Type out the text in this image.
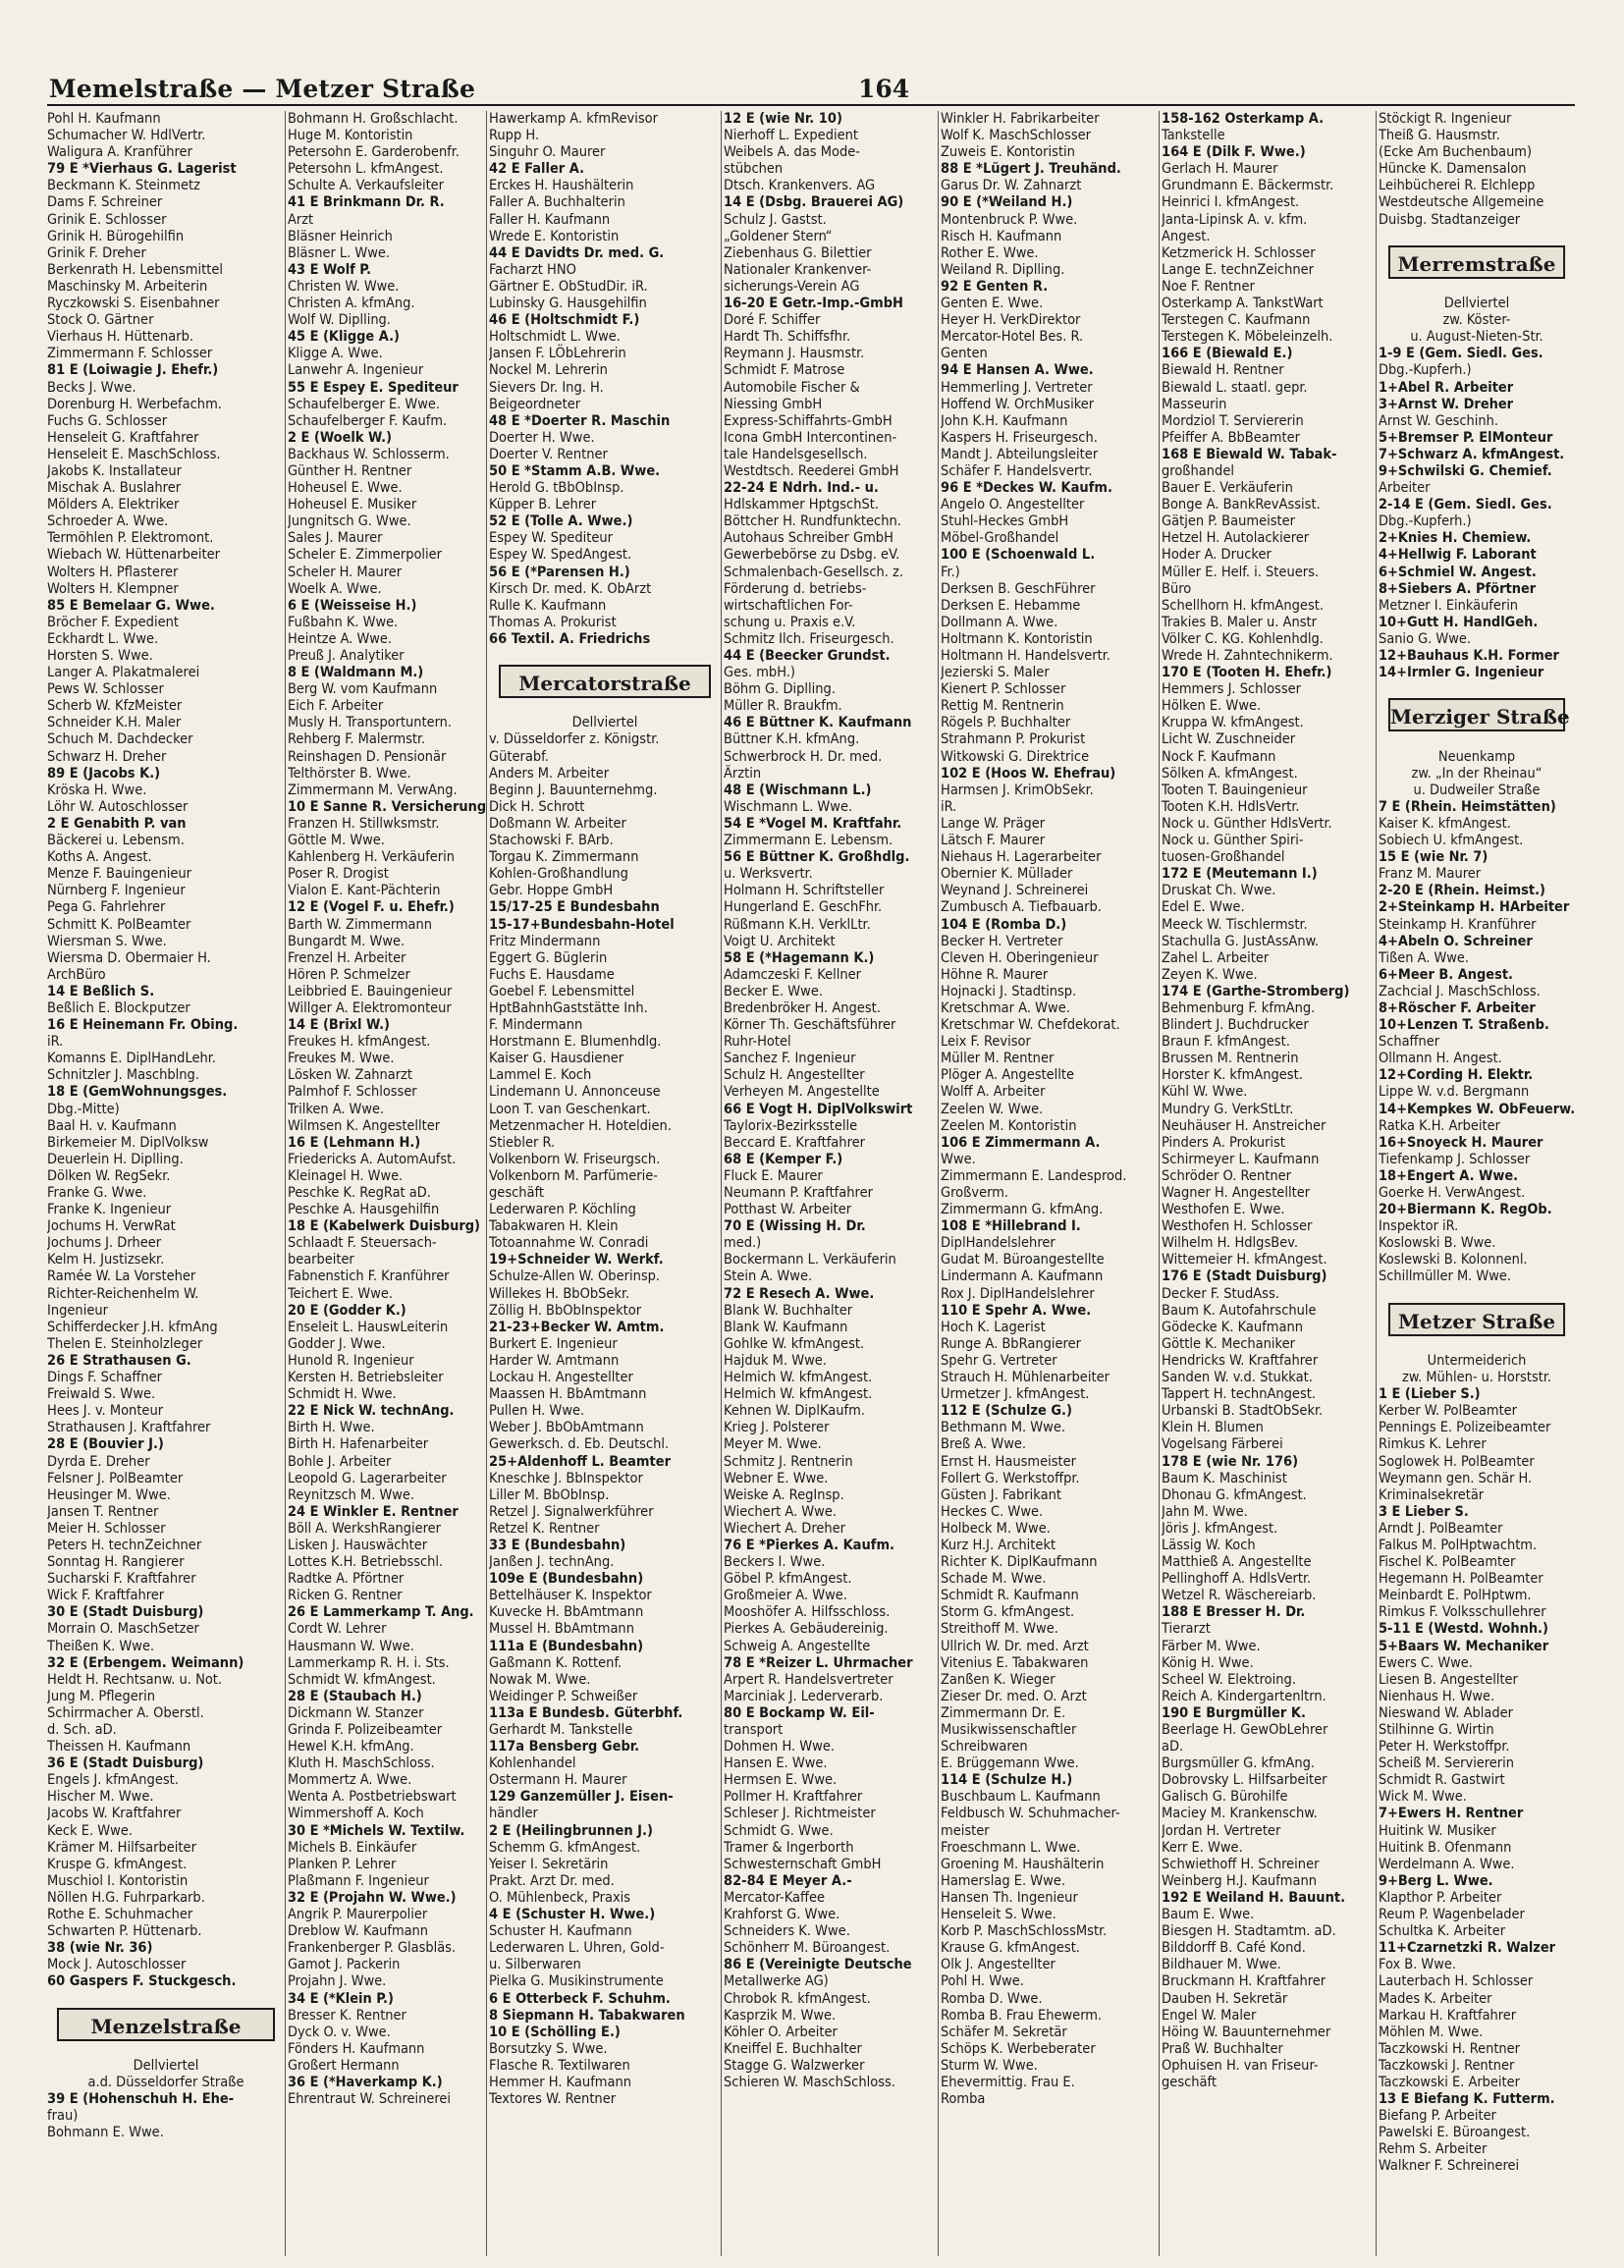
Memelstraße — Metzer Straße	164
Pohl H. Kaufmann
Schumacher W. HdlVertr.
Waligura A. Kranführer
79 E *Vierhaus G. Lagerist
Beckmann K. Steinmetz
Dams F. Schreiner
Grinik E. Schlosser
Grinik H. Bürogehilfin
Grinik F. Dreher
Berkenrath H. Lebensmittel
Maschinsky M. Arbeiterin
Ryczkowski S. Eisenbahner
Stock O. Gärtner
Vierhaus H. Hüttenarb.
Zimmermann F. Schlosser
81 E (Loiwagie J. Ehefr.)
Becks J. Wwe.
Dorenburg H. Werbefachm.
Fuchs G. Schlosser
Henseleit G. Kraftfahrer
Henseleit E. MaschSchloss.
Jakobs K. Installateur
Mischak A. Buslahrer
Mölders A. Elektriker
Schroeder A. Wwe.
Termöhlen P. Elektromont.
Wiebach W. Hüttenarbeiter
Wolters H. Pflasterer
Wolters H. Klempner
85 E Bemelaar G. Wwe.
Bröcher F. Expedient
Eckhardt L. Wwe.
Horsten S. Wwe.
Langer A. Plakatmalerei
Pews W. Schlosser
Scherb W. KfzMeister
Schneider K.H. Maler
Schuch M. Dachdecker
Schwarz H. Dreher
89 E (Jacobs K.)
Kröska H. Wwe.
Löhr W. Autoschlosser
2 E Genabith P. van
Bäckerei u. Lebensm.
Koths A. Angest.
Menze F. Bauingenieur
Nürnberg F. Ingenieur
Pega G. Fahrlehrer
Schmitt K. PolBeamter
Wiersman S. Wwe.
Wiersma D. Obermaier H.
ArchBüro
14 E Beßlich S.
Beßlich E. Blockputzer
16 E Heinemann Fr. Obing.
iR.
Komanns E. DiplHandLehr.
Schnitzler J. Maschblng.
18 E (GemWohnungsges.
Dbg.-Mitte)
Baal H. v. Kaufmann
Birkemeier M. DiplVolksw
Deuerlein H. Diplling.
Dölken W. RegSekr.
Franke G. Wwe.
Franke K. Ingenieur
Jochums H. VerwRat
Jochums J. Drheer
Kelm H. Justizsekr.
Ramée W. La Vorsteher
Richter-Reichenhelm W.
Ingenieur
Schifferdecker J.H. kfmAng
Thelen E. Steinholzleger
26 E Strathausen G.
Dings F. Schaffner
Freiwald S. Wwe.
Hees J. v. Monteur
Strathausen J. Kraftfahrer
28 E (Bouvier J.)
Dyrda E. Dreher
Felsner J. PolBeamter
Heusinger M. Wwe.
Jansen T. Rentner
Meier H. Schlosser
Peters H. technZeichner
Sonntag H. Rangierer
Sucharski F. Kraftfahrer
Wick F. Kraftfahrer
30 E (Stadt Duisburg)
Morrain O. MaschSetzer
Theißen K. Wwe.
32 E (Erbengem. Weimann)
Heldt H. Rechtsanw. u. Not.
Jung M. Pflegerin
Schirrmacher A. Oberstl.
d. Sch. aD.
Theissen H. Kaufmann
36 E (Stadt Duisburg)
Engels J. kfmAngest.
Hischer M. Wwe.
Jacobs W. Kraftfahrer
Keck E. Wwe.
Krämer M. Hilfsarbeiter
Kruspe G. kfmAngest.
Muschiol I. Kontoristin
Nöllen H.G. Fuhrparkarb.
Rothe E. Schuhmacher
Schwarten P. Hüttenarb.
38 (wie Nr. 36)
Mock J. Autoschlosser
60 Gaspers F. Stuckgesch.
Menzelstraße
Dellviertel
a.d. Düsseldorfer Straße
39 E (Hohenschuh H. Ehe-
frau)
Bohmann E. Wwe.
Bohmann H. Großschlacht.
Huge M. Kontoristin
Petersohn E. Garderobenfr.
Petersohn L. kfmAngest.
Schulte A. Verkaufsleiter
41 E Brinkmann Dr. R.
Arzt
Bläsner Heinrich
Bläsner L. Wwe.
43 E Wolf P.
Christen W. Wwe.
Christen A. kfmAng.
Wolf W. Diplling.
45 E (Kligge A.)
Kligge A. Wwe.
Lanwehr A. Ingenieur
55 E Espey E. Spediteur
Schaufelberger E. Wwe.
Schaufelberger F. Kaufm.
2 E (Woelk W.)
Backhaus W. Schlosserm.
Günther H. Rentner
Hoheusel E. Wwe.
Hoheusel E. Musiker
Jungnitsch G. Wwe.
Sales J. Maurer
Scheler E. Zimmerpolier
Scheler H. Maurer
Woelk A. Wwe.
6 E (Weisseise H.)
Fußbahn K. Wwe.
Heintze A. Wwe.
Preuß J. Analytiker
8 E (Waldmann M.)
Berg W. vom Kaufmann
Eich F. Arbeiter
Musly H. Transportuntern.
Rehberg F. Malermstr.
Reinshagen D. Pensionär
Telthörster B. Wwe.
Zimmermann M. VerwAng.
10 E Sanne R. Versicherung
Franzen H. Stillwksmstr.
Göttle M. Wwe.
Kahlenberg H. Verkäuferin
Poser R. Drogist
Vialon E. Kant-Pächterin
12 E (Vogel F. u. Ehefr.)
Barth W. Zimmermann
Bungardt M. Wwe.
Frenzel H. Arbeiter
Hören P. Schmelzer
Leibbried E. Bauingenieur
Willger A. Elektromonteur
14 E (Brixl W.)
Freukes H. kfmAngest.
Freukes M. Wwe.
Lösken W. Zahnarzt
Palmhof F. Schlosser
Trilken A. Wwe.
Wilmsen K. Angestellter
16 E (Lehmann H.)
Friedericks A. AutomAufst.
Kleinagel H. Wwe.
Peschke K. RegRat aD.
Peschke A. Hausgehilfin
18 E (Kabelwerk Duisburg)
Schlaadt F. Steuersach-
bearbeiter
Fabnenstich F. Kranführer
Teichert E. Wwe.
20 E (Godder K.)
Enseleit L. HauswLeiterin
Godder J. Wwe.
Hunold R. Ingenieur
Kersten H. Betriebsleiter
Schmidt H. Wwe.
22 E Nick W. technAng.
Birth H. Wwe.
Birth H. Hafenarbeiter
Bohle J. Arbeiter
Leopold G. Lagerarbeiter
Reynitzsch M. Wwe.
24 E Winkler E. Rentner
Böll A. WerkshRangierer
Lisken J. Hauswächter
Lottes K.H. Betriebsschl.
Radtke A. Pförtner
Ricken G. Rentner
26 E Lammerkamp T. Ang.
Cordt W. Lehrer
Hausmann W. Wwe.
Lammerkamp R. H. i. Sts.
Schmidt W. kfmAngest.
28 E (Staubach H.)
Dickmann W. Stanzer
Grinda F. Polizeibeamter
Hewel K.H. kfmAng.
Kluth H. MaschSchloss.
Mommertz A. Wwe.
Wenta A. Postbetriebswart
Wimmershoff A. Koch
30 E *Michels W. Textilw.
Michels B. Einkäufer
Planken P. Lehrer
Plaßmann F. Ingenieur
32 E (Projahn W. Wwe.)
Angrik P. Maurerpolier
Dreblow W. Kaufmann
Frankenberger P. Glasbläs.
Gamot J. Packerin
Projahn J. Wwe.
34 E (*Klein P.)
Bresser K. Rentner
Dyck O. v. Wwe.
Fönders H. Kaufmann
Großert Hermann
36 E (*Haverkamp K.)
Ehrentraut W. Schreinerei
Hawerkamp A. kfmRevisor
Rupp H.
Singuhr O. Maurer
42 E Faller A.
Erckes H. Haushälterin
Faller A. Buchhalterin
Faller H. Kaufmann
Wrede E. Kontoristin
44 E Davidts Dr. med. G.
Facharzt HNO
Gärtner E. ObStudDir. iR.
Lubinsky G. Hausgehilfin
46 E (Holtschmidt F.)
Holtschmidt L. Wwe.
Jansen F. LÖbLehrerin
Nockel M. Lehrerin
Sievers Dr. Ing. H.
Beigeordneter
48 E *Doerter R. Maschin
Doerter H. Wwe.
Doerter V. Rentner
50 E *Stamm A.B. Wwe.
Herold G. tBbObInsp.
Küpper B. Lehrer
52 E (Tolle A. Wwe.)
Espey W. Spediteur
Espey W. SpedAngest.
56 E (*Parensen H.)
Kirsch Dr. med. K. ObArzt
Rulle K. Kaufmann
Thomas A. Prokurist
66 Textil. A. Friedrichs
Mercatorstraße
Dellviertel
v. Düsseldorfer z. Königstr.
Güterabf.
Anders M. Arbeiter
Beginn J. Bauunternehmg.
Dick H. Schrott
Doßmann W. Arbeiter
Stachowski F. BArb.
Torgau K. Zimmermann
Kohlen-Großhandlung
Gebr. Hoppe GmbH
15/17-25 E Bundesbahn
15-17+Bundesbahn-Hotel
Fritz Mindermann
Eggert G. Büglerin
Fuchs E. Hausdame
Goebel F. Lebensmittel
HptBahnhGaststätte Inh.
F. Mindermann
Horstmann E. Blumenhdlg.
Kaiser G. Hausdiener
Lammel E. Koch
Lindemann U. Annonceuse
Loon T. van Geschenkart.
Metzenmacher H. Hoteldien.
Stiebler R.
Volkenborn W. Friseurgsch.
Volkenborn M. Parfümerie-
geschäft
Lederwaren P. Köchling
Tabakwaren H. Klein
Totoannahme W. Conradi
19+Schneider W. Werkf.
Schulze-Allen W. Oberinsp.
Willekes H. BbObSekr.
Zöllig H. BbObInspektor
21-23+Becker W. Amtm.
Burkert E. Ingenieur
Harder W. Amtmann
Lockau H. Angestellter
Maassen H. BbAmtmann
Pullen H. Wwe.
Weber J. BbObAmtmann
Gewerksch. d. Eb. Deutschl.
25+Aldenhoff L. Beamter
Kneschke J. BbInspektor
Liller M. BbObInsp.
Retzel J. Signalwerkführer
Retzel K. Rentner
33 E (Bundesbahn)
Janßen J. technAng.
109e E (Bundesbahn)
Bettelhäuser K. Inspektor
Kuvecke H. BbAmtmann
Mussel H. BbAmtmann
111a E (Bundesbahn)
Gaßmann K. Rottenf.
Nowak M. Wwe.
Weidinger P. Schweißer
113a E Bundesb. Güterbhf.
Gerhardt M. Tankstelle
117a Bensberg Gebr.
Kohlenhandel
Ostermann H. Maurer
129 Ganzemüller J. Eisen-
händler
2 E (Heilingbrunnen J.)
Schemm G. kfmAngest.
Yeiser I. Sekretärin
Prakt. Arzt Dr. med.
O. Mühlenbeck, Praxis
4 E (Schuster H. Wwe.)
Schuster H. Kaufmann
Lederwaren L. Uhren, Gold-
u. Silberwaren
Pielka G. Musikinstrumente
6 E Otterbeck F. Schuhm.
8 Siepmann H. Tabakwaren
10 E (Schölling E.)
Borsutzky S. Wwe.
Flasche R. Textilwaren
Hemmer H. Kaufmann
Textores W. Rentner
12 E (wie Nr. 10)
Nierhoff L. Expedient
Weibels A. das Mode-
stübchen
Dtsch. Krankenvers. AG
14 E (Dsbg. Brauerei AG)
Schulz J. Gastst.
„Goldener Stern“
Ziebenhaus G. Bilettier
Nationaler Krankenver-
sicherungs-Verein AG
16-20 E Getr.-Imp.-GmbH
Doré F. Schiffer
Hardt Th. Schiffsfhr.
Reymann J. Hausmstr.
Schmidt F. Matrose
Automobile Fischer &
Niessing GmbH
Express-Schiffahrts-GmbH
Icona GmbH Intercontinen-
tale Handelsgesellsch.
Westdtsch. Reederei GmbH
22-24 E Ndrh. Ind.- u.
Hdlskammer HptgschSt.
Böttcher H. Rundfunktechn.
Autohaus Schreiber GmbH
Gewerbebörse zu Dsbg. eV.
Schmalenbach-Gesellsch. z.
Förderung d. betriebs-
wirtschaftlichen For-
schung u. Praxis e.V.
Schmitz Ilch. Friseurgesch.
44 E (Beecker Grundst.
Ges. mbH.)
Böhm G. Diplling.
Müller R. Braukfm.
46 E Büttner K. Kaufmann
Büttner K.H. kfmAng.
Schwerbrock H. Dr. med.
Ärztin
48 E (Wischmann L.)
Wischmann L. Wwe.
54 E *Vogel M. Kraftfahr.
Zimmermann E. Lebensm.
56 E Büttner K. Großhdlg.
u. Werksvertr.
Holmann H. Schriftsteller
Hungerland E. GeschFhr.
Rüßmann K.H. VerklLtr.
Voigt U. Architekt
58 E (*Hagemann K.)
Adamczeski F. Kellner
Becker E. Wwe.
Bredenbröker H. Angest.
Körner Th. Geschäftsführer
Ruhr-Hotel
Sanchez F. Ingenieur
Schulz H. Angestellter
Verheyen M. Angestellte
66 E Vogt H. DiplVolkswirt
Taylorix-Bezirksstelle
Beccard E. Kraftfahrer
68 E (Kemper F.)
Fluck E. Maurer
Neumann P. Kraftfahrer
Potthast W. Arbeiter
70 E (Wissing H. Dr.
med.)
Bockermann L. Verkäuferin
Stein A. Wwe.
72 E Resech A. Wwe.
Blank W. Buchhalter
Blank W. Kaufmann
Gohlke W. kfmAngest.
Hajduk M. Wwe.
Helmich W. kfmAngest.
Helmich W. kfmAngest.
Kehnen W. DiplKaufm.
Krieg J. Polsterer
Meyer M. Wwe.
Schmitz J. Rentnerin
Webner E. Wwe.
Weiske A. RegInsp.
Wiechert A. Wwe.
Wiechert A. Dreher
76 E *Pierkes A. Kaufm.
Beckers I. Wwe.
Göbel P. kfmAngest.
Großmeier A. Wwe.
Mooshöfer A. Hilfsschloss.
Pierkes A. Gebäudereinig.
Schweig A. Angestellte
78 E *Reizer L. Uhrmacher
Arpert R. Handelsvertreter
Marciniak J. Lederverarb.
80 E Bockamp W. Eil-
transport
Dohmen H. Wwe.
Hansen E. Wwe.
Hermsen E. Wwe.
Pollmer H. Kraftfahrer
Schleser J. Richtmeister
Schmidt G. Wwe.
Tramer & Ingerborth
Schwesternschaft GmbH
82-84 E Meyer A.-
Mercator-Kaffee
Krahforst G. Wwe.
Schneiders K. Wwe.
Schönherr M. Büroangest.
86 E (Vereinigte Deutsche
Metallwerke AG)
Chrobok R. kfmAngest.
Kasprzik M. Wwe.
Köhler O. Arbeiter
Kneiffel E. Buchhalter
Stagge G. Walzwerker
Schieren W. MaschSchloss.
Winkler H. Fabrikarbeiter
Wolf K. MaschSchlosser
Zuweis E. Kontoristin
88 E *Lügert J. Treuhänd.
Garus Dr. W. Zahnarzt
90 E (*Weiland H.)
Montenbruck P. Wwe.
Risch H. Kaufmann
Rother E. Wwe.
Weiland R. Diplling.
92 E Genten R.
Genten E. Wwe.
Heyer H. VerkDirektor
Mercator-Hotel Bes. R.
Genten
94 E Hansen A. Wwe.
Hemmerling J. Vertreter
Hoffend W. OrchMusiker
John K.H. Kaufmann
Kaspers H. Friseurgesch.
Mandt J. Abteilungsleiter
Schäfer F. Handelsvertr.
96 E *Deckes W. Kaufm.
Angelo O. Angestellter
Stuhl-Heckes GmbH
Möbel-Großhandel
100 E (Schoenwald L.
Fr.)
Derksen B. GeschFührer
Derksen E. Hebamme
Dollmann A. Wwe.
Holtmann K. Kontoristin
Holtmann H. Handelsvertr.
Jezierski S. Maler
Kienert P. Schlosser
Rettig M. Rentnerin
Rögels P. Buchhalter
Strahmann P. Prokurist
Witkowski G. Direktrice
102 E (Hoos W. Ehefrau)
Harmsen J. KrimObSekr.
iR.
Lange W. Präger
Lätsch F. Maurer
Niehaus H. Lagerarbeiter
Obernier K. Müllader
Weynand J. Schreinerei
Zumbusch A. Tiefbauarb.
104 E (Romba D.)
Becker H. Vertreter
Cleven H. Oberingenieur
Höhne R. Maurer
Hojnacki J. Stadtinsp.
Kretschmar A. Wwe.
Kretschmar W. Chefdekorat.
Leix F. Revisor
Müller M. Rentner
Plöger A. Angestellte
Wolff A. Arbeiter
Zeelen W. Wwe.
Zeelen M. Kontoristin
106 E Zimmermann A.
Wwe.
Zimmermann E. Landesprod.
Großverm.
Zimmermann G. kfmAng.
108 E *Hillebrand I.
DiplHandelslehrer
Gudat M. Büroangestellte
Lindermann A. Kaufmann
Rox J. DiplHandelslehrer
110 E Spehr A. Wwe.
Hoch K. Lagerist
Runge A. BbRangierer
Spehr G. Vertreter
Strauch H. Mühlenarbeiter
Urmetzer J. kfmAngest.
112 E (Schulze G.)
Bethmann M. Wwe.
Breß A. Wwe.
Ernst H. Hausmeister
Follert G. Werkstoffpr.
Güsten J. Fabrikant
Heckes C. Wwe.
Holbeck M. Wwe.
Kurz H.J. Architekt
Richter K. DiplKaufmann
Schade M. Wwe.
Schmidt R. Kaufmann
Storm G. kfmAngest.
Streithoff M. Wwe.
Ullrich W. Dr. med. Arzt
Vitenius E. Tabakwaren
Zanßen K. Wieger
Zieser Dr. med. O. Arzt
Zimmermann Dr. E.
Musikwissenschaftler
Schreibwaren
E. Brüggemann Wwe.
114 E (Schulze H.)
Buschbaum L. Kaufmann
Feldbusch W. Schuhmacher-
meister
Froeschmann L. Wwe.
Groening M. Haushälterin
Hamerslag E. Wwe.
Hansen Th. Ingenieur
Henseleit S. Wwe.
Korb P. MaschSchlossMstr.
Krause G. kfmAngest.
Olk J. Angestellter
Pohl H. Wwe.
Romba D. Wwe.
Romba B. Frau Ehewerm.
Schäfer M. Sekretär
Schöps K. Werbeberater
Sturm W. Wwe.
Ehevermittig. Frau E.
Romba
158-162 Osterkamp A.
Tankstelle
164 E (Dilk F. Wwe.)
Gerlach H. Maurer
Grundmann E. Bäckermstr.
Heinrici I. kfmAngest.
Janta-Lipinsk A. v. kfm.
Angest.
Ketzmerick H. Schlosser
Lange E. technZeichner
Noe F. Rentner
Osterkamp A. TankstWart
Terstegen C. Kaufmann
Terstegen K. Möbeleinzelh.
166 E (Biewald E.)
Biewald H. Rentner
Biewald L. staatl. gepr.
Masseurin
Mordziol T. Serviererin
Pfeiffer A. BbBeamter
168 E Biewald W. Tabak-
großhandel
Bauer E. Verkäuferin
Bonge A. BankRevAssist.
Gätjen P. Baumeister
Hetzel H. Autolackierer
Hoder A. Drucker
Müller E. Helf. i. Steuers.
Büro
Schellhorn H. kfmAngest.
Trakies B. Maler u. Anstr
Völker C. KG. Kohlenhdlg.
Wrede H. Zahntechnikerm.
170 E (Tooten H. Ehefr.)
Hemmers J. Schlosser
Hölken E. Wwe.
Kruppa W. kfmAngest.
Licht W. Zuschneider
Nock F. Kaufmann
Sölken A. kfmAngest.
Tooten T. Bauingenieur
Tooten K.H. HdlsVertr.
Nock u. Günther HdlsVertr.
Nock u. Günther Spiri-
tuosen-Großhandel
172 E (Meutemann I.)
Druskat Ch. Wwe.
Edel E. Wwe.
Meeck W. Tischlermstr.
Stachulla G. JustAssAnw.
Zahel L. Arbeiter
Zeyen K. Wwe.
174 E (Garthe-Stromberg)
Behmenburg F. kfmAng.
Blindert J. Buchdrucker
Braun F. kfmAngest.
Brussen M. Rentnerin
Horster K. kfmAngest.
Kühl W. Wwe.
Mundry G. VerkStLtr.
Neuhäuser H. Anstreicher
Pinders A. Prokurist
Schirmeyer L. Kaufmann
Schröder O. Rentner
Wagner H. Angestellter
Westhofen E. Wwe.
Westhofen H. Schlosser
Wilhelm H. HdlgsBev.
Wittemeier H. kfmAngest.
176 E (Stadt Duisburg)
Decker F. StudAss.
Baum K. Autofahrschule
Gödecke K. Kaufmann
Göttle K. Mechaniker
Hendricks W. Kraftfahrer
Sanden W. v.d. Stukkat.
Tappert H. technAngest.
Urbanski B. StadtObSekr.
Klein H. Blumen
Vogelsang Färberei
178 E (wie Nr. 176)
Baum K. Maschinist
Dhonau G. kfmAngest.
Jahn M. Wwe.
Jöris J. kfmAngest.
Lässig W. Koch
Matthieß A. Angestellte
Pellinghoff A. HdlsVertr.
Wetzel R. Wäschereiarb.
188 E Bresser H. Dr.
Tierarzt
Färber M. Wwe.
König H. Wwe.
Scheel W. Elektroing.
Reich A. Kindergartenltrn.
190 E Burgmüller K.
Beerlage H. GewObLehrer
aD.
Burgsmüller G. kfmAng.
Dobrovsky L. Hilfsarbeiter
Galisch G. Bürohilfe
Maciey M. Krankenschw.
Jordan H. Vertreter
Kerr E. Wwe.
Schwiethoff H. Schreiner
Weinberg H.J. Kaufmann
192 E Weiland H. Bauunt.
Baum E. Wwe.
Biesgen H. Stadtamtm. aD.
Bilddorff B. Café Kond.
Bildhauer M. Wwe.
Bruckmann H. Kraftfahrer
Dauben H. Sekretär
Engel W. Maler
Höing W. Bauunternehmer
Praß W. Buchhalter
Ophuisen H. van Friseur-
geschäft
Stöckigt R. Ingenieur
Theiß G. Hausmstr.
(Ecke Am Buchenbaum)
Hüncke K. Damensalon
Leihbücherei R. Elchlepp
Westdeutsche Allgemeine
Duisbg. Stadtanzeiger
Merremstraße
Dellviertel
zw. Köster-
u. August-Nieten-Str.
1-9 E (Gem. Siedl. Ges.
Dbg.-Kupferh.)
1+Abel R. Arbeiter
3+Arnst W. Dreher
Arnst W. Geschinh.
5+Bremser P. ElMonteur
7+Schwarz A. kfmAngest.
9+Schwilski G. Chemief.
Arbeiter
2-14 E (Gem. Siedl. Ges.
Dbg.-Kupferh.)
2+Knies H. Chemiew.
4+Hellwig F. Laborant
6+Schmiel W. Angest.
8+Siebers A. Pförtner
Metzner I. Einkäuferin
10+Gutt H. HandlGeh.
Sanio G. Wwe.
12+Bauhaus K.H. Former
14+Irmler G. Ingenieur
Merziger Straße
Neuenkamp
zw. „In der Rheinau“
u. Dudweiler Straße
7 E (Rhein. Heimstätten)
Kaiser K. kfmAngest.
Sobiech U. kfmAngest.
15 E (wie Nr. 7)
Franz M. Maurer
2-20 E (Rhein. Heimst.)
2+Steinkamp H. HArbeiter
Steinkamp H. Kranführer
4+Abeln O. Schreiner
Tißen A. Wwe.
6+Meer B. Angest.
Zachcial J. MaschSchloss.
8+Röscher F. Arbeiter
10+Lenzen T. Straßenb.
Schaffner
Ollmann H. Angest.
12+Cording H. Elektr.
Lippe W. v.d. Bergmann
14+Kempkes W. ObFeuerw.
Ratka K.H. Arbeiter
16+Snoyeck H. Maurer
Tiefenkamp J. Schlosser
18+Engert A. Wwe.
Goerke H. VerwAngest.
20+Biermann K. RegOb.
Inspektor iR.
Koslowski B. Wwe.
Koslewski B. Kolonnenl.
Schillmüller M. Wwe.
Metzer Straße
Untermeiderich
zw. Mühlen- u. Horststr.
1 E (Lieber S.)
Kerber W. PolBeamter
Pennings E. Polizeibeamter
Rimkus K. Lehrer
Soglowek H. PolBeamter
Weymann gen. Schär H.
Kriminalsekretär
3 E Lieber S.
Arndt J. PolBeamter
Falkus M. PolHptwachtm.
Fischel K. PolBeamter
Hegemann H. PolBeamter
Meinbardt E. PolHptwm.
Rimkus F. Volksschullehrer
5-11 E (Westd. Wohnh.)
5+Baars W. Mechaniker
Ewers C. Wwe.
Liesen B. Angestellter
Nienhaus H. Wwe.
Nieswand W. Ablader
Stilhinne G. Wirtin
Peter H. Werkstoffpr.
Scheiß M. Serviererin
Schmidt R. Gastwirt
Wick M. Wwe.
7+Ewers H. Rentner
Huitink W. Musiker
Huitink B. Ofenmann
Werdelmann A. Wwe.
9+Berg L. Wwe.
Klapthor P. Arbeiter
Reum P. Wagenbelader
Schultka K. Arbeiter
11+Czarnetzki R. Walzer
Fox B. Wwe.
Lauterbach H. Schlosser
Mades K. Arbeiter
Markau H. Kraftfahrer
Möhlen M. Wwe.
Taczkowski H. Rentner
Taczkowski J. Rentner
Taczkowski E. Arbeiter
13 E Biefang K. Futterm.
Biefang P. Arbeiter
Pawelski E. Büroangest.
Rehm S. Arbeiter
Walkner F. Schreinerei
